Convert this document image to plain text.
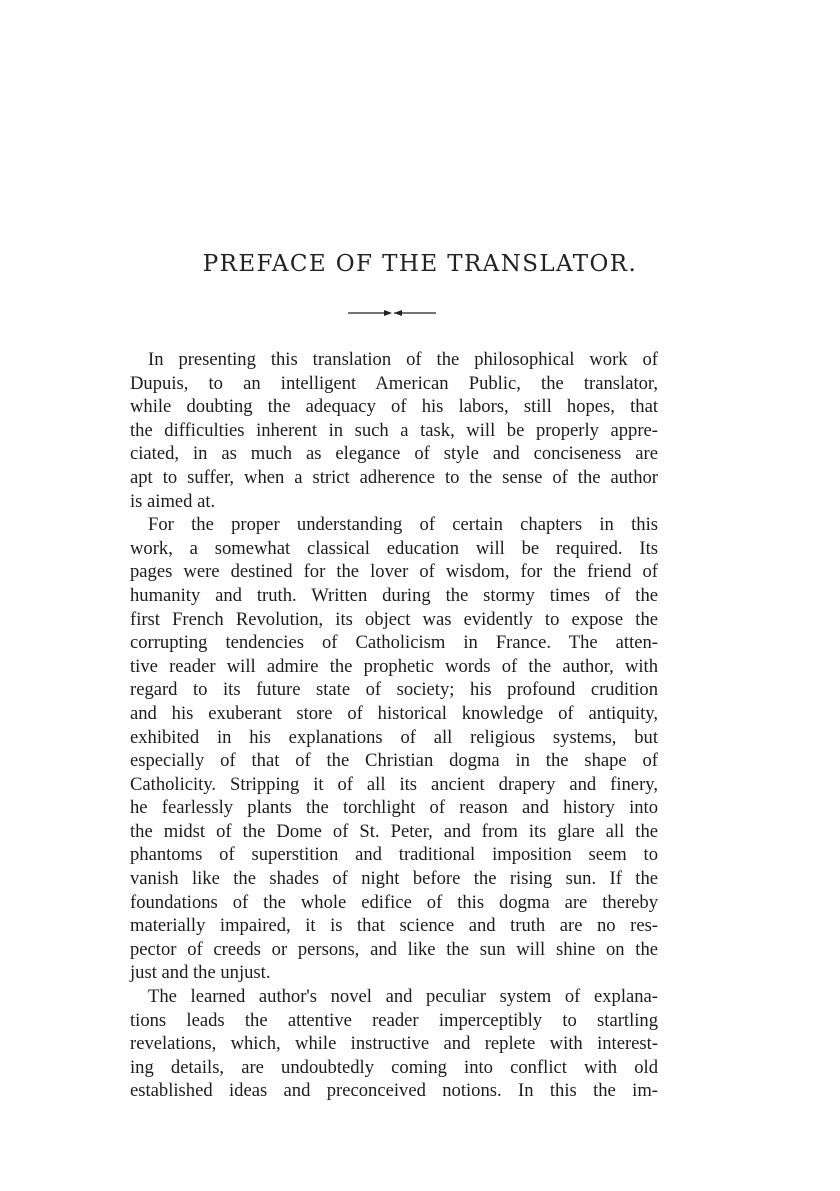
PREFACE OF THE TRANSLATOR.

In presenting this translation of the philosophical work of
Dupuis, to an intelligent American Public, the translator,
while doubting the adequacy of his labors, still hopes, that
the difficulties inherent in such a task, will be properly appre-
ciated, in as much as elegance of style and conciseness are
apt to suffer, when a strict adherence to the sense of the author
is aimed at.

For the proper understanding of certain chapters in this
work, a somewhat classical education will be required. Its
pages were destined for the lover of wisdom, for the friend of
humanity and truth. Written during the stormy times of the
first French Revolution, its object was evidently to expose the
corrupting tendencies of Catholicism in France. The atten-
tive reader will admire the prophetic words of the author, with
regard to its future state of society; his profound crudition
and his exuberant store of historical knowledge of antiquity,
exhibited in his explanations of all religious systems, but
especially of that of the Christian dogma in the shape of
Catholicity. Stripping it of all its ancient drapery and finery,
he fearlessly plants the torchlight of reason and history into
the midst of the Dome of St. Peter, and from its glare all the
phantoms of superstition and traditional imposition seem to
vanish like the shades of night before the rising sun. If the
foundations of the whole edifice of this dogma are thereby
materially impaired, it is that science and truth are no res-
pector of creeds or persons, and like the sun will shine on the
just and the unjust.

The learned author's novel and peculiar system of explana-
tions leads the attentive reader imperceptibly to startling
revelations, which, while instructive and replete with interest-
ing details, are undoubtedly coming into conflict with old
established ideas and preconceived notions. In this the im-
